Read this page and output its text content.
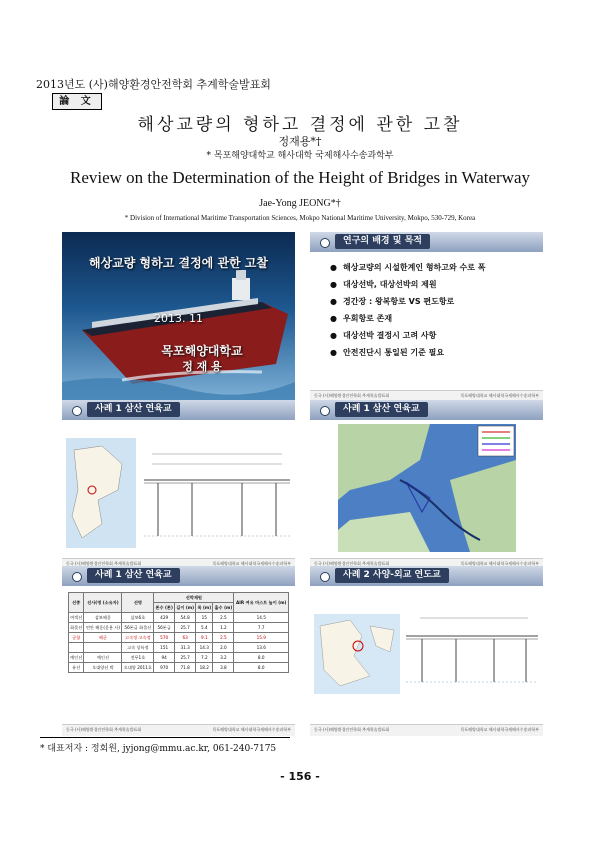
2013년도 (사)해양환경안전학회 추계학술발표회
論 文
해상교량의 형하고 결정에 관한 고찰
정재용*†
* 목포해양대학교 해사대학 국제해사수송과학부
Review on the Determination of the Height of Bridges in Waterway
Jae-Yong JEONG*†
* Division of International Maritime Transportation Sciences, Mokpo National Maritime University, Mokpo, 530-729, Korea
해상교량 형하고 결정에 관한 고찰
2013. 11
목포해양대학교
정 재 용
연구의 배경 및 목적
● 해상교량의 시설한계인 형하고와 수로 폭
● 대상선박, 대상선박의 제원
● 경간장 : 왕복항로 VS 편도항로
● 우회항로 존재
● 대상선박 결정시 고려 사항
● 안전진단시 통일된 기준 필요
동국 (사)해양환경안전학회 추계학술발표회	목포해양대학교 해사대학국제해사수송과학부
사례 1 삼산 연육교
동국 (사)해양환경안전학회 추계학술발표회	목포해양대학교 해사대학국제해사수송과학부
사례 1 삼산 연육교
동국 (사)해양환경안전학회 추계학술발표회	목포해양대학교 해사대학국제해사수송과학부
사례 1 삼산 연육교
선종	선사(명 (소유자)	선명	선박제원				AIR 여유 마스트 높이 (m)
			톤수 (톤)	길이 (m)	폭 (m)	흘수 (m)	
여객선	삼보해운	삼보6호	429	54.8	15	2.5	14.5
화물선	연안 해운(운용 사)	56톤급 화물선	56톤급	25.7	5.4	1.2	7.7
군함	해군	고속정 고속정	570	63	9.1	2.5	15.9
		고속 상륙정	151	31.3	14.3	2.0	13.6
예인선	예인선	전무1호	94	25.7	7.2	3.2	8.0
유선	오대양선 박	오대양 2011호	970	71.8	18.2	3.8	8.0
동국 (사)해양환경안전학회 추계학술발표회	목포해양대학교 해사대학국제해사수송과학부
사례 2 사양-외교 연도교
동국 (사)해양환경안전학회 추계학술발표회	목포해양대학교 해사대학국제해사수송과학부
* 대표저자 : 정회원, jyjong@mmu.ac.kr, 061-240-7175
- 156 -
